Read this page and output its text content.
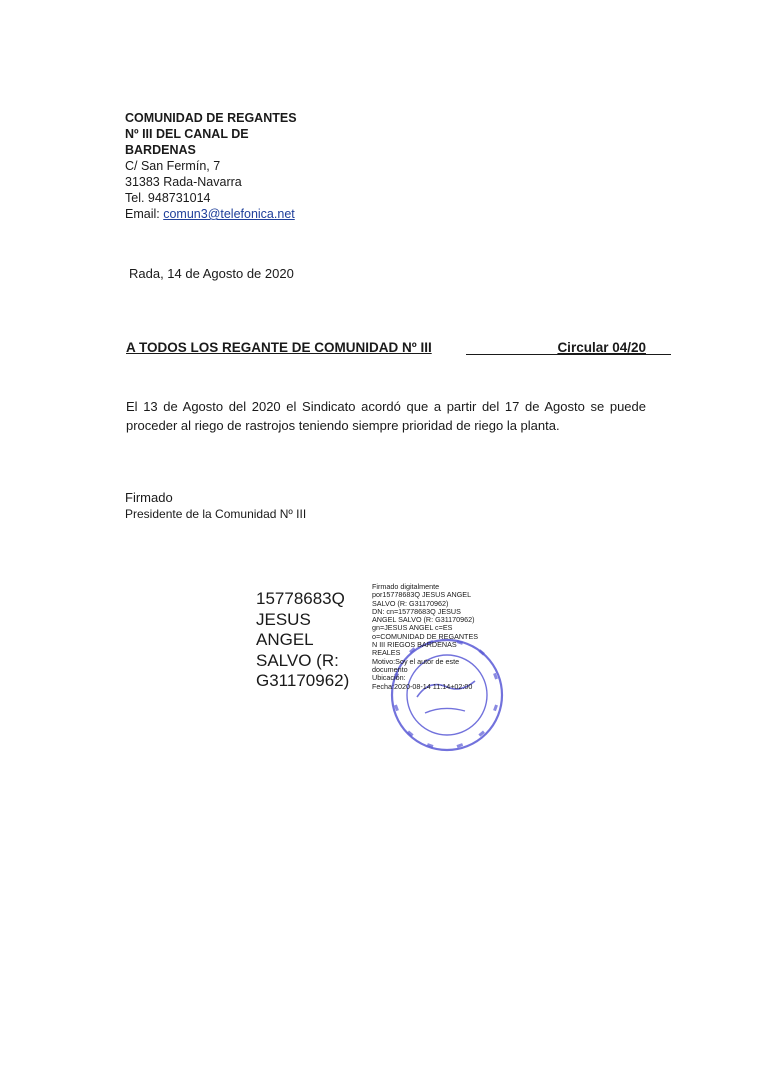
COMUNIDAD DE REGANTES
Nº III DEL CANAL DE
BARDENAS
C/ San Fermín, 7
31383 Rada-Navarra
Tel. 948731014
Email: comun3@telefonica.net
Rada, 14 de Agosto de 2020
A TODOS LOS REGANTE DE COMUNIDAD Nº III	Circular 04/20
El 13 de Agosto del 2020 el Sindicato acordó que a partir del 17 de Agosto se puede proceder al riego de rastrojos teniendo siempre prioridad de riego la planta.
Firmado
Presidente de la Comunidad Nº III
15778683Q
JESUS
ANGEL
SALVO (R:
G31170962)
Firmado digitalmente
por15778683Q JESUS ANGEL
SALVO (R: G31170962)
DN: cn=15778683Q JESUS
ANGEL SALVO (R: G31170962)
gn=JESUS ANGEL c=ES
o=COMUNIDAD DE REGANTES
N III RIEGOS BARDENAS
REALES
Motivo:Soy el autor de este
documento
Ubicación:
Fecha:2020-08-14 11:14+02:00
